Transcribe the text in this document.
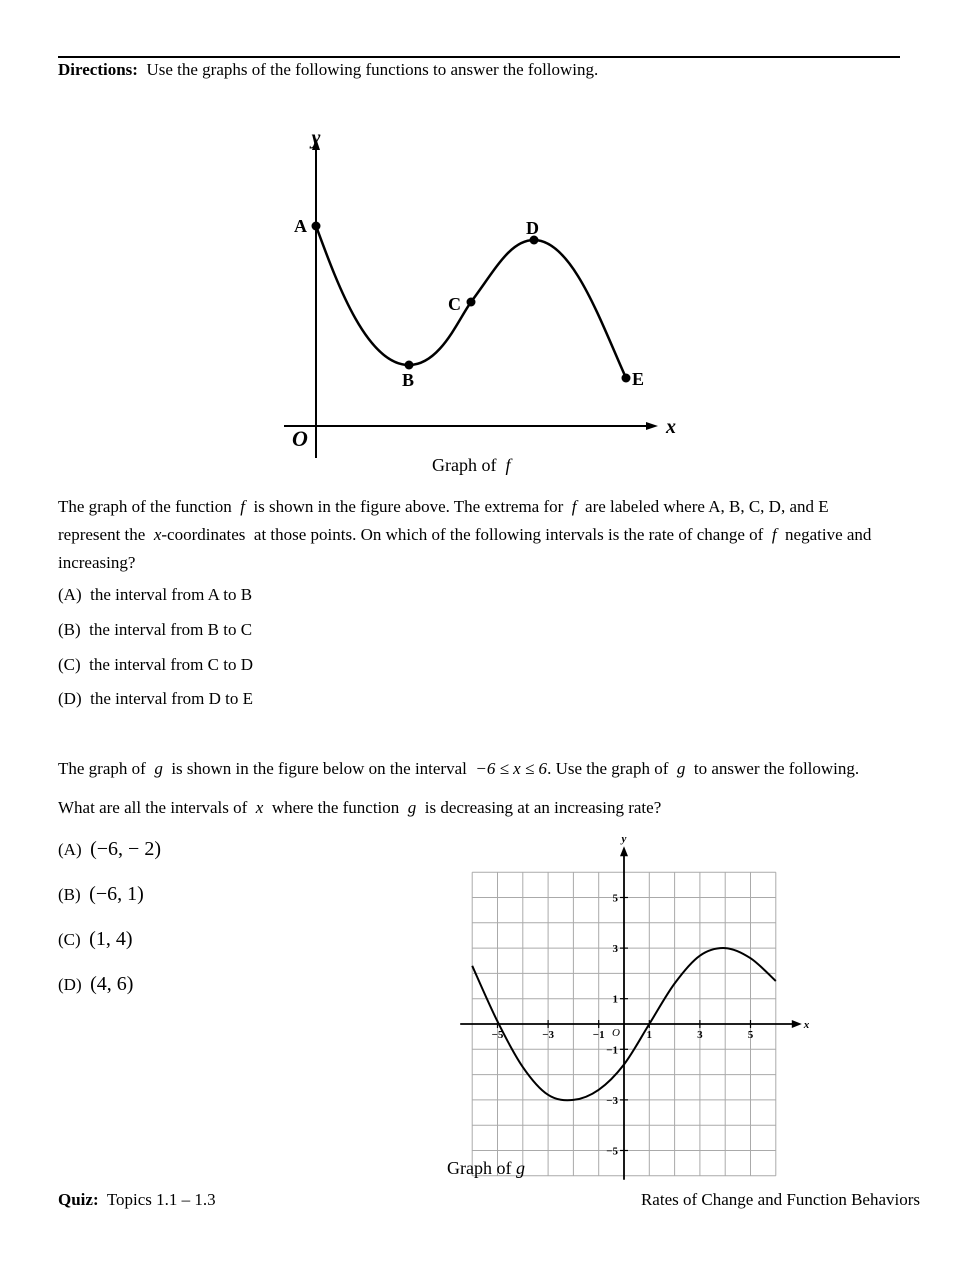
Directions: Use the graphs of the following functions to answer the following.
y
x
O
A
B
C
D
E
Graph of f
The graph of the function f is shown in the figure above. The extrema for f are labeled where A, B, C, D, and E
represent the x-coordinates at those points. On which of the following intervals is the rate of change of f negative and
increasing?
(A) the interval from A to B
(B) the interval from B to C
(C) the interval from C to D
(D) the interval from D to E
The graph of g is shown in the figure below on the interval −6 ≤ x ≤ 6. Use the graph of g to answer the following.
What are all the intervals of x where the function g is decreasing at an increasing rate?
(A) (−6, − 2)
(B) (−6, 1)
(C) (1, 4)
(D) (4, 6)
−5	−3	−1	1	3	5
5
3
1
−1
−3
−5
y
x
O
Graph of g
Quiz: Topics 1.1 – 1.3	Rates of Change and Function Behaviors
